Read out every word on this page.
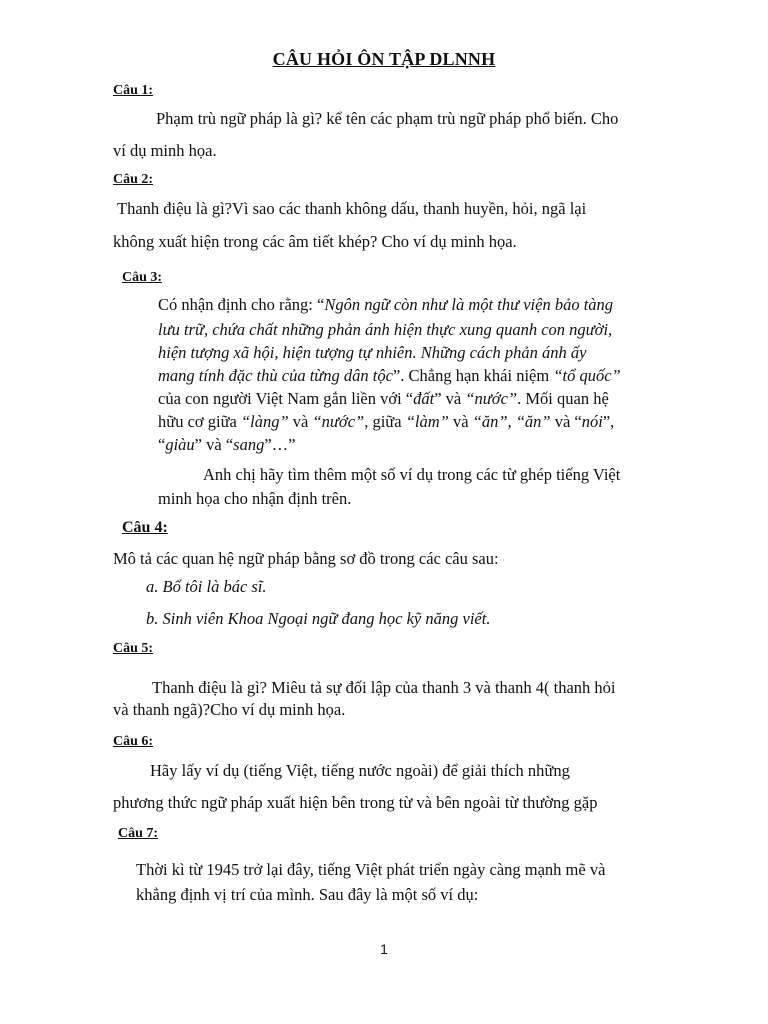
CÂU HỎI ÔN TẬP DLNNH

Câu 1:

Phạm trù ngữ pháp là gì? kể tên các phạm trù ngữ pháp phổ biến. Cho

ví dụ minh họa.

Câu 2:

Thanh điệu là gì?Vì sao các thanh không dấu, thanh huyền, hỏi, ngã lại

không xuất hiện trong các âm tiết khép? Cho ví dụ minh họa.

Câu 3:

Có nhận định cho rằng: “Ngôn ngữ còn như là một thư viện bảo tàng

lưu trữ, chứa chất những phản ánh hiện thực xung quanh con người,

hiện tượng xã hội, hiện tượng tự nhiên. Những cách phản ánh ấy

mang tính đặc thù của từng dân tộc”. Chẳng hạn khái niệm “tổ quốc”

của con người Việt Nam gắn liền với “đất” và “nước”. Mối quan hệ

hữu cơ giữa “làng” và “nước”, giữa “làm” và “ăn”, “ăn” và “nói”,

“giàu” và “sang”…”

Anh chị hãy tìm thêm một số ví dụ trong các từ ghép tiếng Việt

minh họa cho nhận định trên.

Câu 4:

Mô tả các quan hệ ngữ pháp bằng sơ đồ trong các câu sau:

a. Bố tôi là bác sĩ.

b. Sinh viên Khoa Ngoại ngữ đang học kỹ năng viết.

Câu 5:

Thanh điệu là gì? Miêu tả sự đối lập của thanh 3 và thanh 4( thanh hỏi

và thanh ngã)?Cho ví dụ minh họa.

Câu 6:

Hãy lấy ví dụ (tiếng Việt, tiếng nước ngoài) để giải thích những

phương thức ngữ pháp xuất hiện bên trong từ và bên ngoài từ thường gặp

Câu 7:

Thời kì từ 1945 trở lại đây, tiếng Việt phát triển ngày càng mạnh mẽ và

khẳng định vị trí của mình. Sau đây là một số ví dụ:

1
